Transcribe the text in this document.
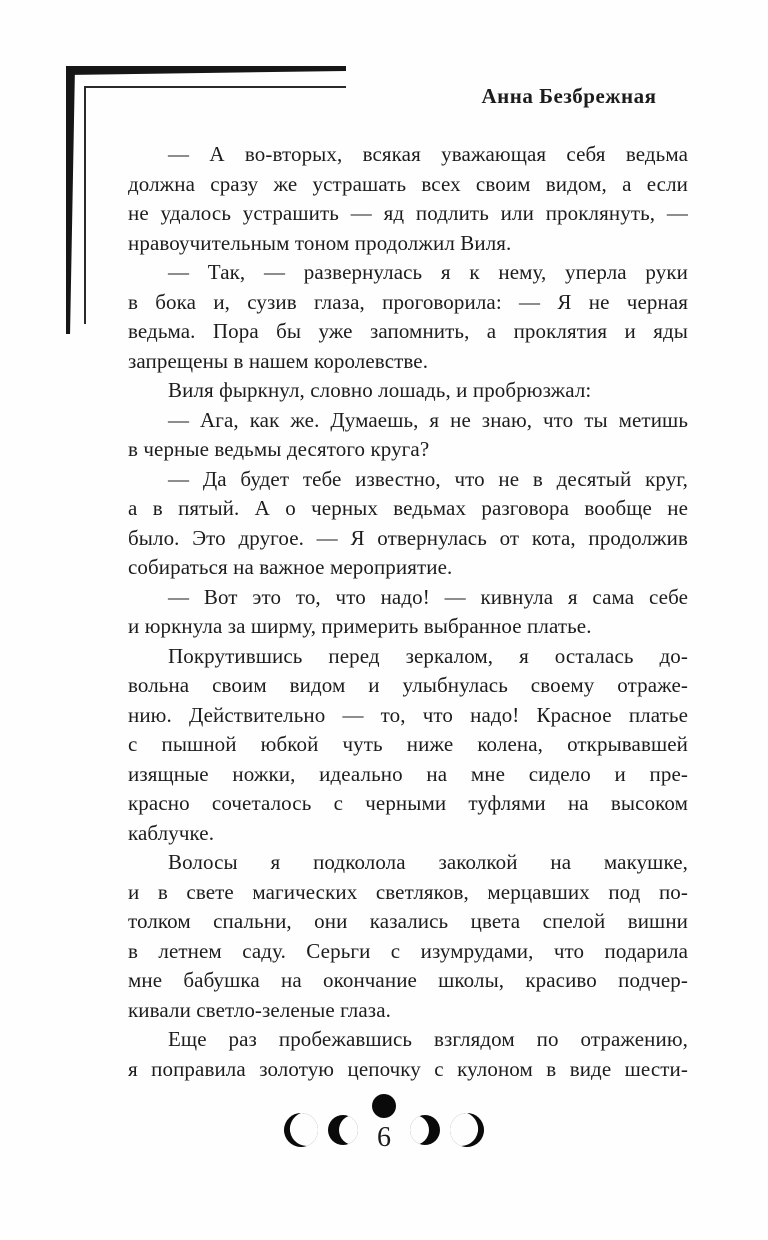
Анна Безбрежная
— А во-вторых, всякая уважающая себя ведьма
должна сразу же устрашать всех своим видом, а если
не удалось устрашить — яд подлить или проклянуть, —
нравоучительным тоном продолжил Виля.
— Так, — развернулась я к нему, уперла руки
в бока и, сузив глаза, проговорила: — Я не черная
ведьма. Пора бы уже запомнить, а проклятия и яды
запрещены в нашем королевстве.
Виля фыркнул, словно лошадь, и пробрюзжал:
— Ага, как же. Думаешь, я не знаю, что ты метишь
в черные ведьмы десятого круга?
— Да будет тебе известно, что не в десятый круг,
а в пятый. А о черных ведьмах разговора вообще не
было. Это другое. — Я отвернулась от кота, продолжив
собираться на важное мероприятие.
— Вот это то, что надо! — кивнула я сама себе
и юркнула за ширму, примерить выбранное платье.
Покрутившись перед зеркалом, я осталась до-
вольна своим видом и улыбнулась своему отраже-
нию. Действительно — то, что надо! Красное платье
с пышной юбкой чуть ниже колена, открывавшей
изящные ножки, идеально на мне сидело и пре-
красно сочеталось с черными туфлями на высоком
каблучке.
Волосы я подколола заколкой на макушке,
и в свете магических светляков, мерцавших под по-
толком спальни, они казались цвета спелой вишни
в летнем саду. Серьги с изумрудами, что подарила
мне бабушка на окончание школы, красиво подчер-
кивали светло-зеленые глаза.
Еще раз пробежавшись взглядом по отражению,
я поправила золотую цепочку с кулоном в виде шести-
6
